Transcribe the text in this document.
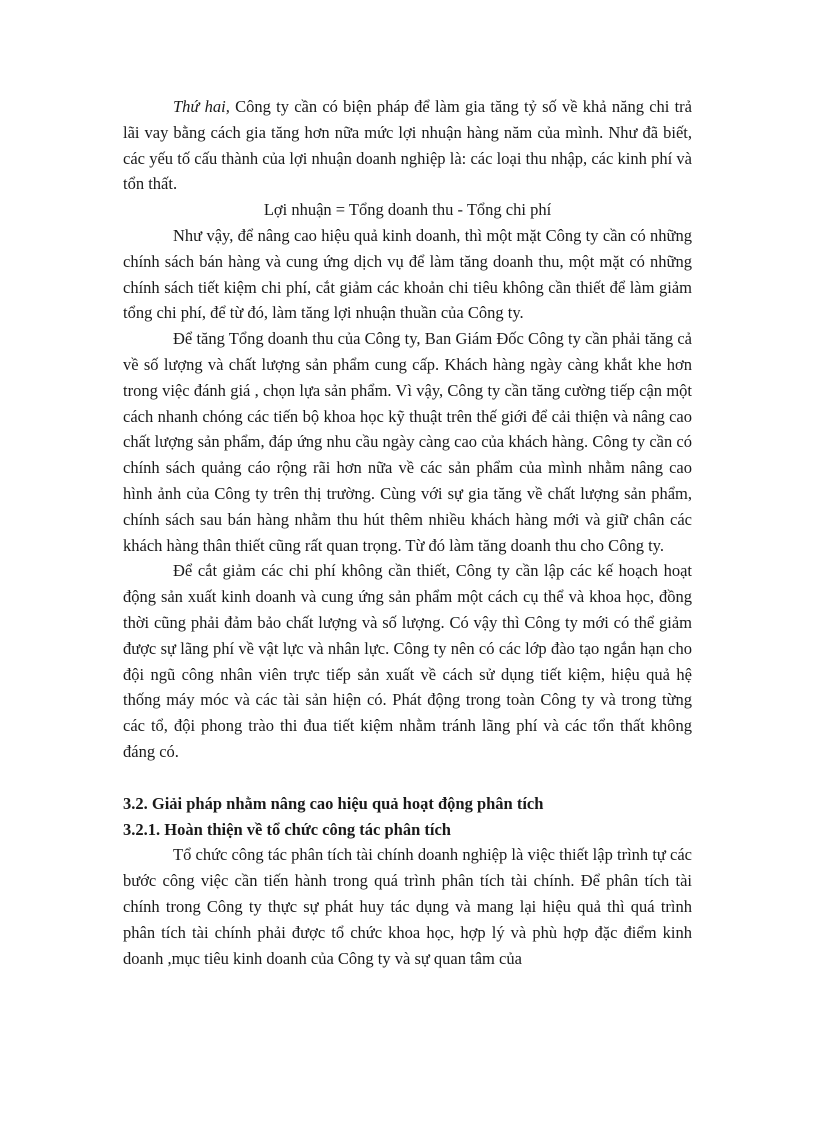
Thứ hai, Công ty cần có biện pháp để làm gia tăng tỷ số về khả năng chi trả lãi vay bằng cách gia tăng hơn nữa mức lợi nhuận hàng năm của mình. Như đã biết, các yếu tố cấu thành của lợi nhuận doanh nghiệp là: các loại thu nhập, các kinh phí và tổn thất.

Lợi nhuận = Tổng doanh thu - Tổng chi phí

Như vậy, để nâng cao hiệu quả kinh doanh, thì một mặt Công ty cần có những chính sách bán hàng và cung ứng dịch vụ để làm tăng doanh thu, một mặt có những chính sách tiết kiệm chi phí, cắt giảm các khoản chi tiêu không cần thiết để làm giảm tổng chi phí, để từ đó, làm tăng lợi nhuận thuần của Công ty.

Để tăng Tổng doanh thu của Công ty, Ban Giám Đốc Công ty cần phải tăng cả về số lượng và chất lượng sản phẩm cung cấp. Khách hàng ngày càng khắt khe hơn trong việc đánh giá , chọn lựa sản phẩm. Vì vậy, Công ty cần tăng cường tiếp cận một cách nhanh chóng các tiến bộ khoa học kỹ thuật trên thế giới để cải thiện và nâng cao chất lượng sản phẩm, đáp ứng nhu cầu ngày càng cao của khách hàng. Công ty cần có chính sách quảng cáo rộng rãi hơn nữa về các sản phẩm của mình nhằm nâng cao hình ảnh của Công ty trên thị trường. Cùng với sự gia tăng về chất lượng sản phẩm, chính sách sau bán hàng nhằm thu hút thêm nhiều khách hàng mới và giữ chân các khách hàng thân thiết cũng rất quan trọng. Từ đó làm tăng doanh thu cho Công ty.

Để cắt giảm các chi phí không cần thiết, Công ty cần lập các kế hoạch hoạt động sản xuất kinh doanh và cung ứng sản phẩm một cách cụ thể và khoa học, đồng thời cũng phải đảm bảo chất lượng và số lượng. Có vậy thì Công ty mới có thể giảm được sự lãng phí về vật lực và nhân lực. Công ty nên có các lớp đào tạo ngắn hạn cho đội ngũ công nhân viên trực tiếp sản xuất về cách sử dụng tiết kiệm, hiệu quả hệ thống máy móc và các tài sản hiện có. Phát động trong toàn Công ty và trong từng các tổ, đội phong trào thi đua tiết kiệm nhằm tránh lãng phí và các tổn thất không đáng có.

3.2. Giải pháp nhằm nâng cao hiệu quả hoạt động phân tích
3.2.1. Hoàn thiện về tổ chức công tác phân tích

Tổ chức công tác phân tích tài chính doanh nghiệp là việc thiết lập trình tự các bước công việc cần tiến hành trong quá trình phân tích tài chính. Để phân tích tài chính trong Công ty thực sự phát huy tác dụng và mang lại hiệu quả thì quá trình phân tích tài chính phải được tổ chức khoa học, hợp lý và phù hợp đặc điểm kinh doanh ,mục tiêu kinh doanh của Công ty và sự quan tâm của
